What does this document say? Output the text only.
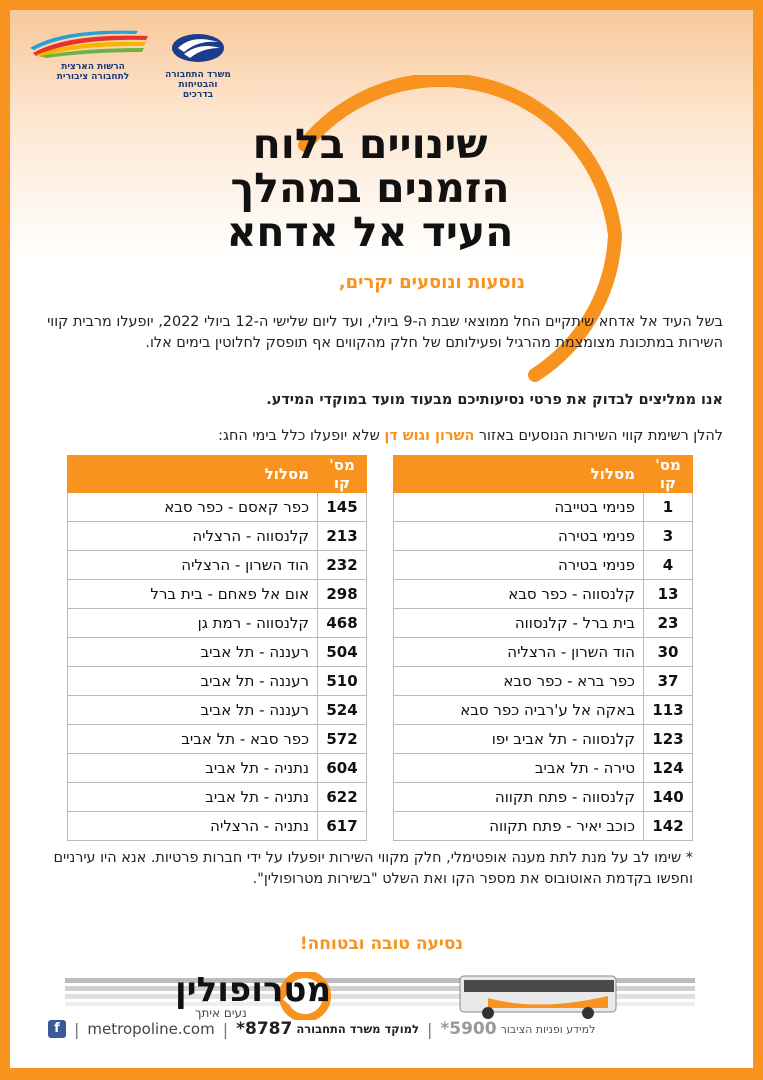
הרשות הארצית
לתחבורה ציבורית	משרד התחבורה
והבטיחות בדרכים
שינויים בלוח
הזמנים במהלך
העיד אל אדחא
נוסעות ונוסעים יקרים,
בשל העיד אל אדחא שיתקיים החל ממוצאי שבת ה-9 ביולי, ועד ליום שלישי ה-12 ביולי 2022, יופעלו מרבית קווי השירות במתכונת מצומצמת מהרגיל ופעילותם של חלק מהקווים אף תופסק לחלוטין בימים אלו.
אנו ממליצים לבדוק את פרטי נסיעותיכם מבעוד מועד במוקדי המידע.
להלן רשימת קווי השירות הנוסעים באזור השרון וגוש דן שלא יופעלו כלל בימי החג:
מס' קו	מסלול
1	פנימי בטייבה
3	פנימי בטירה
4	פנימי בטירה
13	קלנסווה - כפר סבא
23	בית ברל - קלנסווה
30	הוד השרון - הרצליה
37	כפר ברא - כפר סבא
113	באקה אל ע'רביה כפר סבא
123	קלנסווה - תל אביב יפו
124	טירה - תל אביב
140	קלנסווה - פתח תקווה
142	כוכב יאיר - פתח תקווה
מס' קו	מסלול
145	כפר קאסם - כפר סבא
213	קלנסווה - הרצליה
232	הוד השרון - הרצליה
298	אום אל פאחם - בית ברל
468	קלנסווה - רמת גן
504	רעננה - תל אביב
510	רעננה - תל אביב
524	רעננה - תל אביב
572	כפר סבא - תל אביב
604	נתניה - תל אביב
622	נתניה - תל אביב
617	נתניה - הרצליה
* שימו לב על מנת לתת מענה אופטימלי, חלק מקווי השירות יופעלו על ידי חברות פרטיות. אנא היו עירניים וחפשו בקדמת האוטובוס את מספר הקו ואת השלט "בשירות מטרופולין".
נסיעה טובה ובטוחה!
מטרופולין
נעים איתך
f | metropoline.com | *8787 למוקד משרד התחבורה | *5900 למידע ופניות הציבור
